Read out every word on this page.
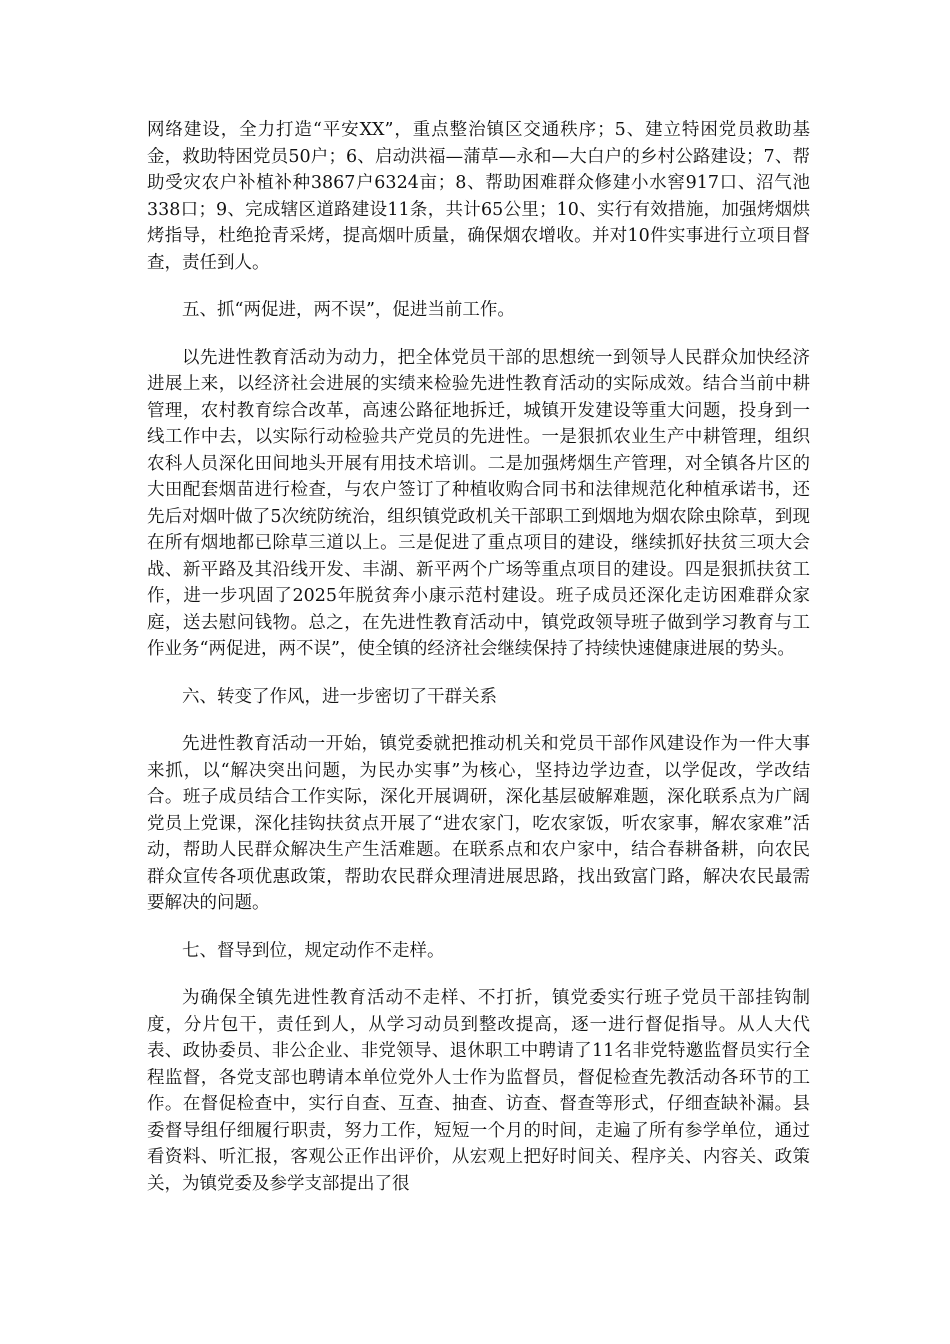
网络建设，全力打造“平安XX”，重点整治镇区交通秩序；5、建立特困党员救助基金，救助特困党员50户；6、启动洪福—蒲草—永和—大白户的乡村公路建设；7、帮助受灾农户补植补种3867户6324亩；8、帮助困难群众修建小水窖917口、沼气池338口；9、完成辖区道路建设11条，共计65公里；10、实行有效措施，加强烤烟烘烤指导，杜绝抢青采烤，提高烟叶质量，确保烟农增收。并对10件实事进行立项目督查，责任到人。

五、抓“两促进，两不误”，促进当前工作。

以先进性教育活动为动力，把全体党员干部的思想统一到领导人民群众加快经济进展上来，以经济社会进展的实绩来检验先进性教育活动的实际成效。结合当前中耕管理，农村教育综合改革，高速公路征地拆迁，城镇开发建设等重大问题，投身到一线工作中去，以实际行动检验共产党员的先进性。一是狠抓农业生产中耕管理，组织农科人员深化田间地头开展有用技术培训。二是加强烤烟生产管理，对全镇各片区的大田配套烟苗进行检查，与农户签订了种植收购合同书和法律规范化种植承诺书，还先后对烟叶做了5次统防统治，组织镇党政机关干部职工到烟地为烟农除虫除草，到现在所有烟地都已除草三道以上。三是促进了重点项目的建设，继续抓好扶贫三项大会战、新平路及其沿线开发、丰湖、新平两个广场等重点项目的建设。四是狠抓扶贫工作，进一步巩固了2025年脱贫奔小康示范村建设。班子成员还深化走访困难群众家庭，送去慰问钱物。总之，在先进性教育活动中，镇党政领导班子做到学习教育与工作业务“两促进，两不误”，使全镇的经济社会继续保持了持续快速健康进展的势头。

六、转变了作风，进一步密切了干群关系

先进性教育活动一开始，镇党委就把推动机关和党员干部作风建设作为一件大事来抓，以“解决突出问题，为民办实事”为核心，坚持边学边查，以学促改，学改结合。班子成员结合工作实际，深化开展调研，深化基层破解难题，深化联系点为广阔党员上党课，深化挂钩扶贫点开展了“进农家门，吃农家饭，听农家事，解农家难”活动，帮助人民群众解决生产生活难题。在联系点和农户家中，结合春耕备耕，向农民群众宣传各项优惠政策，帮助农民群众理清进展思路，找出致富门路，解决农民最需要解决的问题。

七、督导到位，规定动作不走样。

为确保全镇先进性教育活动不走样、不打折，镇党委实行班子党员干部挂钩制度，分片包干，责任到人，从学习动员到整改提高，逐一进行督促指导。从人大代表、政协委员、非公企业、非党领导、退休职工中聘请了11名非党特邀监督员实行全程监督，各党支部也聘请本单位党外人士作为监督员，督促检查先教活动各环节的工作。在督促检查中，实行自查、互查、抽查、访查、督查等形式，仔细查缺补漏。县委督导组仔细履行职责，努力工作，短短一个月的时间，走遍了所有参学单位，通过看资料、听汇报，客观公正作出评价，从宏观上把好时间关、程序关、内容关、政策关，为镇党委及参学支部提出了很
